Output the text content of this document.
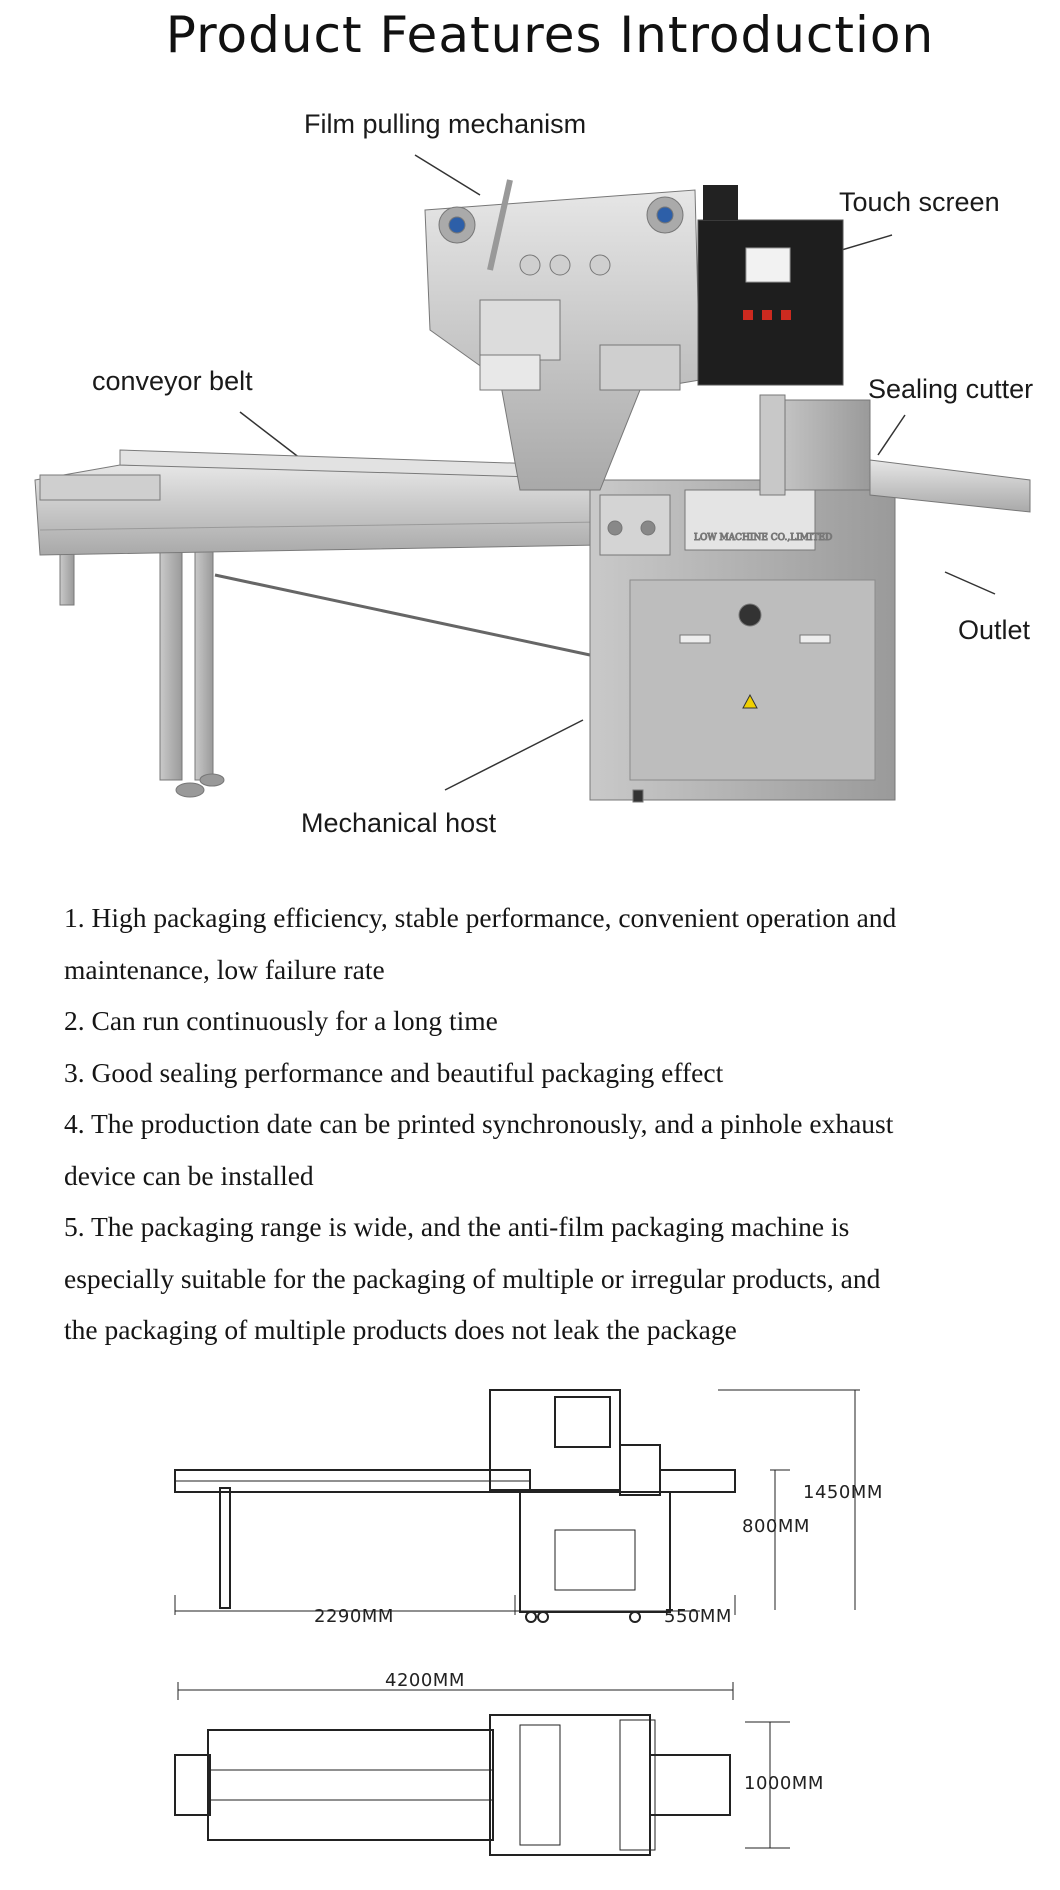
Product Features Introduction
LOW MACHINE CO.,LIMITED
Film pulling mechanism
Touch screen
conveyor belt	Sealing cutter
Outlet
Mechanical host
1. High packaging efficiency, stable performance, convenient operation and
maintenance, low failure rate
2. Can run continuously for a long time
3. Good sealing performance and beautiful packaging effect
4. The production date can be printed synchronously, and a pinhole exhaust
device can be installed
5. The packaging range is wide, and the anti-film packaging machine is
especially suitable for the packaging of multiple or irregular products, and
the packaging of multiple products does not leak the package
1450MM
800MM
2290MM	550MM
4200MM
1000MM
